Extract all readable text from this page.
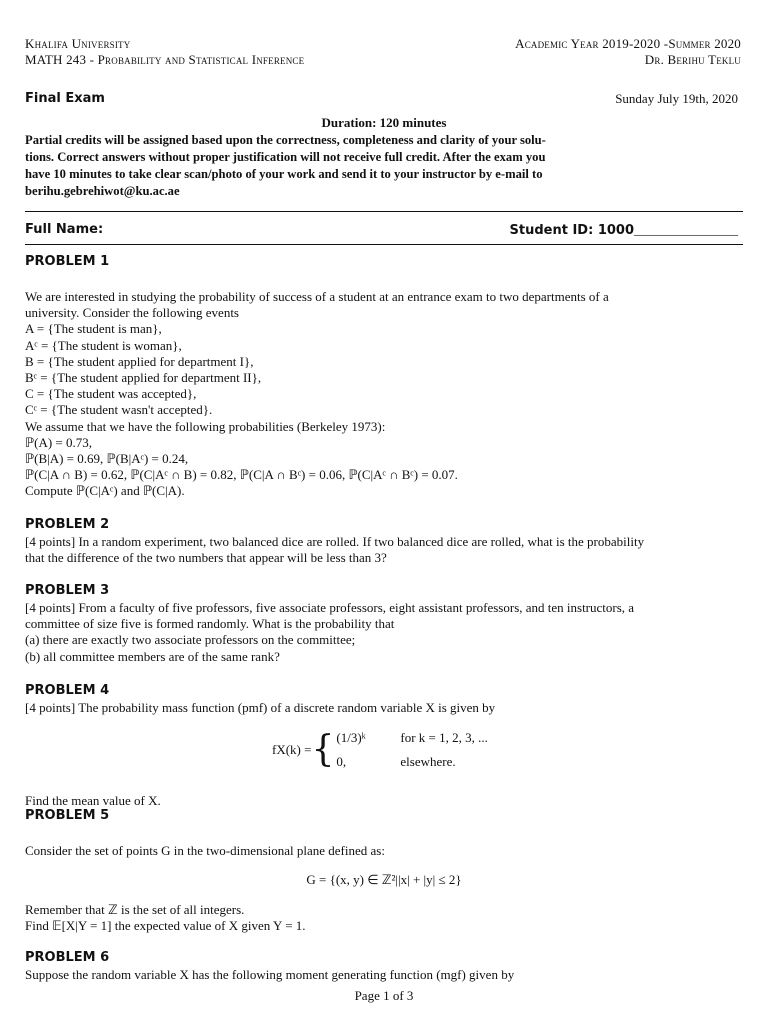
Khalifa University	Academic Year 2019-2020 -Summer 2020
MATH 243 - Probability and Statistical Inference	Dr. Berihu Teklu
Final Exam	Sunday July 19th, 2020
Duration: 120 minutes
Partial credits will be assigned based upon the correctness, completeness and clarity of your solu-
tions. Correct answers without proper justification will not receive full credit. After the exam you
have 10 minutes to take clear scan/photo of your work and send it to your instructor by e-mail to
berihu.gebrehiwot@ku.ac.ae
Full Name:	Student ID: 1000________________
PROBLEM 1
We are interested in studying the probability of success of a student at an entrance exam to two departments of a
university. Consider the following events
A = {The student is man},
Aᶜ = {The student is woman},
B = {The student applied for department I},
Bᶜ = {The student applied for department II},
C = {The student was accepted},
Cᶜ = {The student wasn't accepted}.
We assume that we have the following probabilities (Berkeley 1973):
ℙ(A) = 0.73,
ℙ(B|A) = 0.69, ℙ(B|Aᶜ) = 0.24,
ℙ(C|A ∩ B) = 0.62, ℙ(C|Aᶜ ∩ B) = 0.82, ℙ(C|A ∩ Bᶜ) = 0.06, ℙ(C|Aᶜ ∩ Bᶜ) = 0.07.
Compute ℙ(C|Aᶜ) and ℙ(C|A).
PROBLEM 2
[4 points] In a random experiment, two balanced dice are rolled. If two balanced dice are rolled, what is the probability
that the difference of the two numbers that appear will be less than 3?
PROBLEM 3
[4 points] From a faculty of five professors, five associate professors, eight assistant professors, and ten instructors, a
committee of size five is formed randomly. What is the probability that
(a) there are exactly two associate professors on the committee;
(b) all committee members are of the same rank?
PROBLEM 4
[4 points] The probability mass function (pmf) of a discrete random variable X is given by
fX(k) = { (1/3)ᵏ	for k = 1, 2, 3, ...
0,	elsewhere.
Find the mean value of X.
PROBLEM 5
Consider the set of points G in the two-dimensional plane defined as:
G = {(x, y) ∈ ℤ²||x| + |y| ≤ 2}
Remember that ℤ is the set of all integers.
Find 𝔼[X|Y = 1] the expected value of X given Y = 1.
PROBLEM 6
Suppose the random variable X has the following moment generating function (mgf) given by
Page 1 of 3
